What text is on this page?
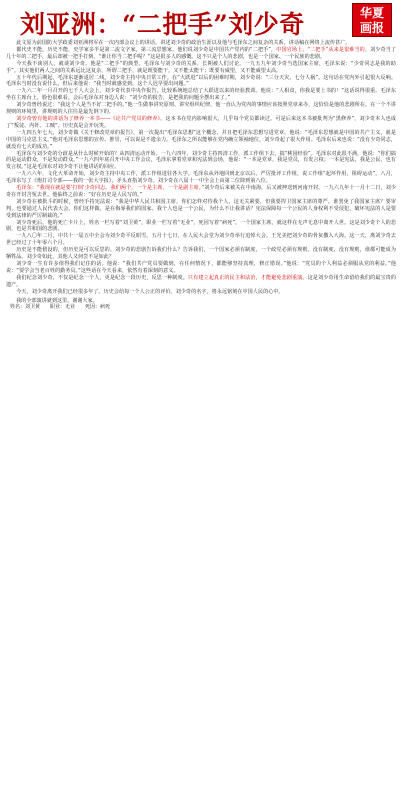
刘亚洲：“二把手”刘少奇	华夏
画报

此文原为前国防大学政委刘亚洲将军在一次内部会议上的讲话，讲述刘少奇的政治生涯以及他与毛泽东之间复杂的关系，讲话稿在网络上流传甚广。

都代史不能。历史不能，史学家多半是第二流文字家，第三流思想家。他们说刘少奇是中国共产党内的“二把手”，中国官场上，“二把手”从来是很难当的。刘少奇当了几十年的二把手，最后却被一把手打倒。“谁让你当二把手呢？”这是很多人的感慨。这不只是个人的悲剧，也是一个国家、一个民族的悲剧。

今天我不谈别人，就谈刘少奇。他是“二把手”的典型。毛泽东与刘少奇的关系，长期被人们讨论。一九五九年刘少奇当选国家主席，毛泽东说：“少奇同志是我的助手”。其实他们两人之间的关系远比这复杂，所谓二把手，就是既要能干，又不能太能干；既要有威望，又不能威望太高。

五十年代后期起，毛泽东逐渐退居二线，刘少奇主持中央日常工作。在“大跃进”以后的困难时期，刘少奇说：“三分天灾，七分人祸”。这句话在党内外引起很大反响。毛泽东当时没有说什么，但后来他说：“我当时就感觉到，这个人迟早要出问题。”

一九六二年一月召开的七千人大会上，刘少奇代表中央作报告，比较系统地总结了大跃进以来的经验教训。他说：“人相食，你我是要上书的！”这话说得很重。毛泽东坐在主席台上，脸色很难看。会后毛泽东对身边人说：“刘少奇的报告，是把我的问题全摆出来了。”

刘少奇曾经说过：“我这个人是当不好二把手的。”他一生做事讲究原则、讲究组织纪律，他一直认为党内的事情应该按照党章来办，这恰恰是他的悲剧所在。在一个不讲规则的环境里，讲规则的人往往是最先倒下的。

刘少奇曾有他的讲话为了修养一本书——《论共产党员的修养》。这本书在党内影响很大，几乎每个党员都读过。可是后来这本书被批判为“黑修养”，刘少奇本人也成了“叛徒、内奸、工贼”。历史真是会开玩笑。

一九四五年七大，刘少奇做《关于修改党章的报告》，第一次提出“毛泽东思想”这个概念，并且把毛泽东思想写进党章。他说：“毛泽东思想就是中国的共产主义，就是中国的马克思主义。”他对毛泽东思想的宣传、推崇，可以说是不遗余力。毛泽东之所以能够在党内确立领袖地位，刘少奇起了很大作用。毛泽东后来也说：“没有少奇同志，就没有七大的成功。”

毛泽东与刘少奇的分歧是从什么时候开始的？从四清运动开始。一九六四年，刘少奇主持四清工作，派工作组下去，搞“桃园经验”。毛泽东对此很不满，他说：“你们搞的是运动群众，不是发动群众。”一九六四年底召开中央工作会议，毛泽东拿着党章和宪法到会场，他说：“一本是党章，我是党员，有发言权；一本是宪法，我是公民，也有发言权。”这是毛泽东对刘少奇不让他讲话的回应。

一九六六年，文化大革命开始，刘少奇主持中央工作，派工作组进驻各大学。毛泽东从外地回到北京以后，严厉批评工作组，说工作组“起坏作用，阻碍运动”。八月，毛泽东写了《炮打司令部——我的一张大字报》，矛头直指刘少奇。刘少奇在八届十一中全会上由第二位降到第八位。

毛泽东：“我现在就是要‘打倒’少奇同志。我们两个，一个是主席，一个是副主席。”刘少奇后来被关在中南海，后又被押送到河南开封，一九六九年十一月十二日，刘少奇在开封含冤去世。他临终之前说：“好在历史是人民写的。”

刘少奇在被批斗的时候，曾经手持宪法说：“我是中华人民共和国主席，你们怎样对待我个人，这无关紧要，但我要捍卫国家主席的尊严。谁罢免了我国家主席？要审判，也要通过人民代表大会。你们这样做，是在侮辱我们的国家。我个人也是一个公民，为什么不让我讲话？宪法保障每一个公民的人身权利不受侵犯，破坏宪法的人是要受到法律的严厉制裁的。”

刘少奇死后，他的死亡卡片上，姓名一栏写着“刘卫黄”，职业一栏写着“无业”，死因写着“病死”。一个国家主席，就这样在无声无息中离开人世。这是刘少奇个人的悲剧，也是共和国的悲剧。

一九八〇年二月，中共十一届五中全会为刘少奇平反昭雪。五月十七日，在人民大会堂为刘少奇举行追悼大会。王光美把刘少奇的骨灰撒入大海。这一天，离刘少奇去世已经过了十年零六个月。

历史是不能假设的，但历史是可以反思的。刘少奇的悲剧告诉我们什么？告诉我们，一个国家必须有制度，一个政党必须有规则。没有制度，没有规则，谁都可能成为牺牲品。刘少奇如此，其他人又何尝不是如此？

刘少奇一生有许多值得我们记住的话。他说：“我们共产党员要做到，在任何情况下，都能够坚持真理，修正错误。”他说：“党员的个人利益必须服从党的利益。”他说：“要学会当老百姓的勤务员。”这些话在今天看来，依然有着深刻的意义。

我们纪念刘少奇，不仅是纪念一个人，更是纪念一段历史，反思一种制度。只有建立起真正的民主和法治，才能避免悲剧重演。这是刘少奇用生命留给我们的最宝贵的遗产。

今天，刘少奇离开我们已经很多年了。历史会给每一个人公正的评价。刘少奇的名字，将永远铭刻在中国人民的心中。

我的全部演讲就到这里。谢谢大家。
姓名：刘卫黄 职业：无业 死因：病死
